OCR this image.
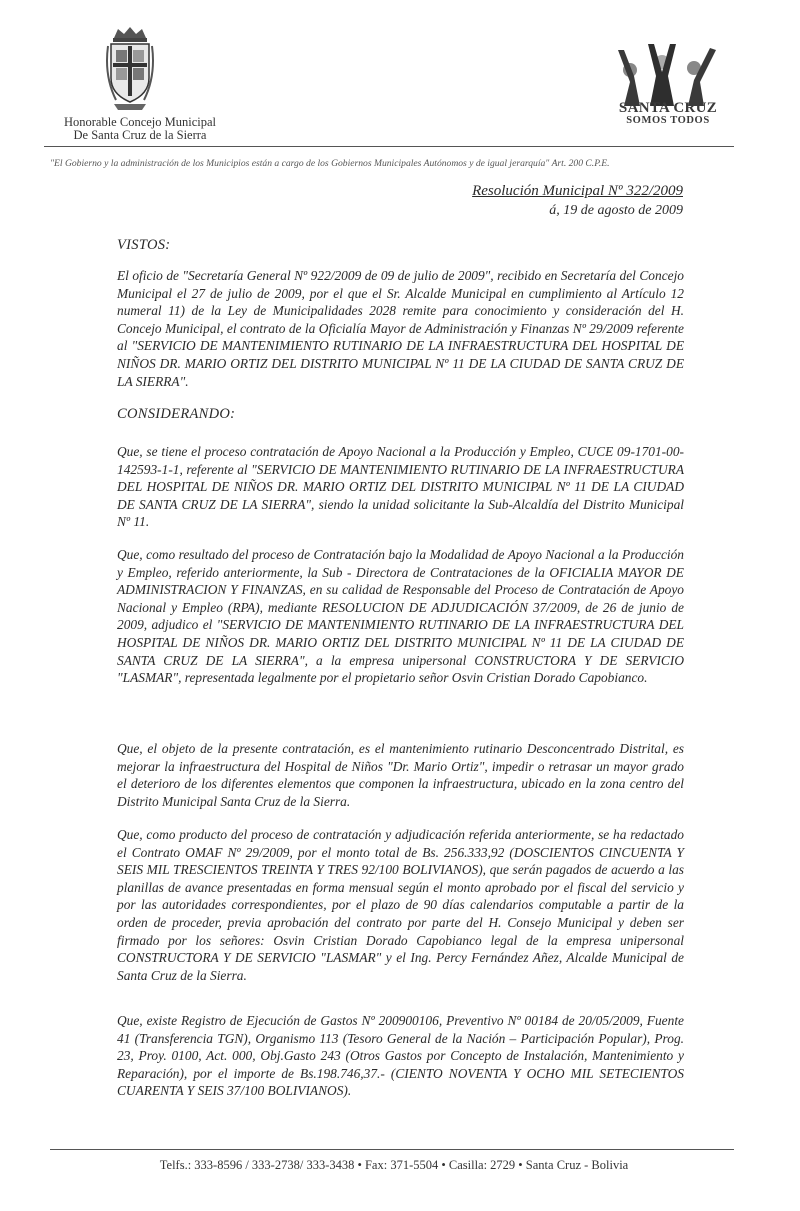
Honorable Concejo Municipal
De Santa Cruz de la Sierra
SANTA CRUZ
SOMOS TODOS
"El Gobierno y la administración de los Municipios están a cargo de los Gobiernos Municipales Autónomos y de igual jerarquía" Art. 200 C.P.E.
Resolución Municipal Nº 322/2009
á, 19 de agosto de 2009
VISTOS:
El oficio de "Secretaría General Nº 922/2009 de 09 de julio de 2009", recibido en Secretaría del Concejo Municipal el 27 de julio de 2009, por el que el Sr. Alcalde Municipal en cumplimiento al Artículo 12 numeral 11) de la Ley de Municipalidades 2028 remite para conocimiento y consideración del H. Concejo Municipal, el contrato de la Oficialía Mayor de Administración y Finanzas Nº 29/2009 referente al "SERVICIO DE MANTENIMIENTO RUTINARIO DE LA INFRAESTRUCTURA DEL HOSPITAL DE NIÑOS DR. MARIO ORTIZ DEL DISTRITO MUNICIPAL Nº 11 DE LA CIUDAD DE SANTA CRUZ DE LA SIERRA".
CONSIDERANDO:
Que, se tiene el proceso contratación de Apoyo Nacional a la Producción y Empleo, CUCE 09-1701-00-142593-1-1, referente al "SERVICIO DE MANTENIMIENTO RUTINARIO DE LA INFRAESTRUCTURA DEL HOSPITAL DE NIÑOS DR. MARIO ORTIZ DEL DISTRITO MUNICIPAL Nº 11 DE LA CIUDAD DE SANTA CRUZ DE LA SIERRA", siendo la unidad solicitante la Sub-Alcaldía del Distrito Municipal Nº 11.
Que, como resultado del proceso de Contratación bajo la Modalidad de Apoyo Nacional a la Producción y Empleo, referido anteriormente, la Sub - Directora de Contrataciones de la OFICIALIA MAYOR DE ADMINISTRACION Y FINANZAS, en su calidad de Responsable del Proceso de Contratación de Apoyo Nacional y Empleo (RPA), mediante RESOLUCION DE ADJUDICACIÓN 37/2009, de 26 de junio de 2009, adjudico el "SERVICIO DE MANTENIMIENTO RUTINARIO DE LA INFRAESTRUCTURA DEL HOSPITAL DE NIÑOS DR. MARIO ORTIZ DEL DISTRITO MUNICIPAL Nº 11 DE LA CIUDAD DE SANTA CRUZ DE LA SIERRA", a la empresa unipersonal CONSTRUCTORA Y DE SERVICIO "LASMAR", representada legalmente por el propietario señor Osvin Cristian Dorado Capobianco.
Que, el objeto de la presente contratación, es el mantenimiento rutinario Desconcentrado Distrital, es mejorar la infraestructura del Hospital de Niños "Dr. Mario Ortiz", impedir o retrasar un mayor grado el deterioro de los diferentes elementos que componen la infraestructura, ubicado en la zona centro del Distrito Municipal Santa Cruz de la Sierra.
Que, como producto del proceso de contratación y adjudicación referida anteriormente, se ha redactado el Contrato OMAF Nº 29/2009, por el monto total de Bs. 256.333,92 (DOSCIENTOS CINCUENTA Y SEIS MIL TRESCIENTOS TREINTA Y TRES 92/100 BOLIVIANOS), que serán pagados de acuerdo a las planillas de avance presentadas en forma mensual según el monto aprobado por el fiscal del servicio y por las autoridades correspondientes, por el plazo de 90 días calendarios computable a partir de la orden de proceder, previa aprobación del contrato por parte del H. Consejo Municipal y deben ser firmado por los señores: Osvin Cristian Dorado Capobianco legal de la empresa unipersonal CONSTRUCTORA Y DE SERVICIO "LASMAR" y el Ing. Percy Fernández Añez, Alcalde Municipal de Santa Cruz de la Sierra.
Que, existe Registro de Ejecución de Gastos Nº 200900106, Preventivo Nº 00184 de 20/05/2009, Fuente 41 (Transferencia TGN), Organismo 113 (Tesoro General de la Nación – Participación Popular), Prog. 23, Proy. 0100, Act. 000, Obj.Gasto 243 (Otros Gastos por Concepto de Instalación, Mantenimiento y Reparación), por el importe de Bs.198.746,37.- (CIENTO NOVENTA Y OCHO MIL SETECIENTOS CUARENTA Y SEIS 37/100 BOLIVIANOS).
Telfs.: 333-8596 / 333-2738/ 333-3438 • Fax: 371-5504 • Casilla: 2729 • Santa Cruz - Bolivia
